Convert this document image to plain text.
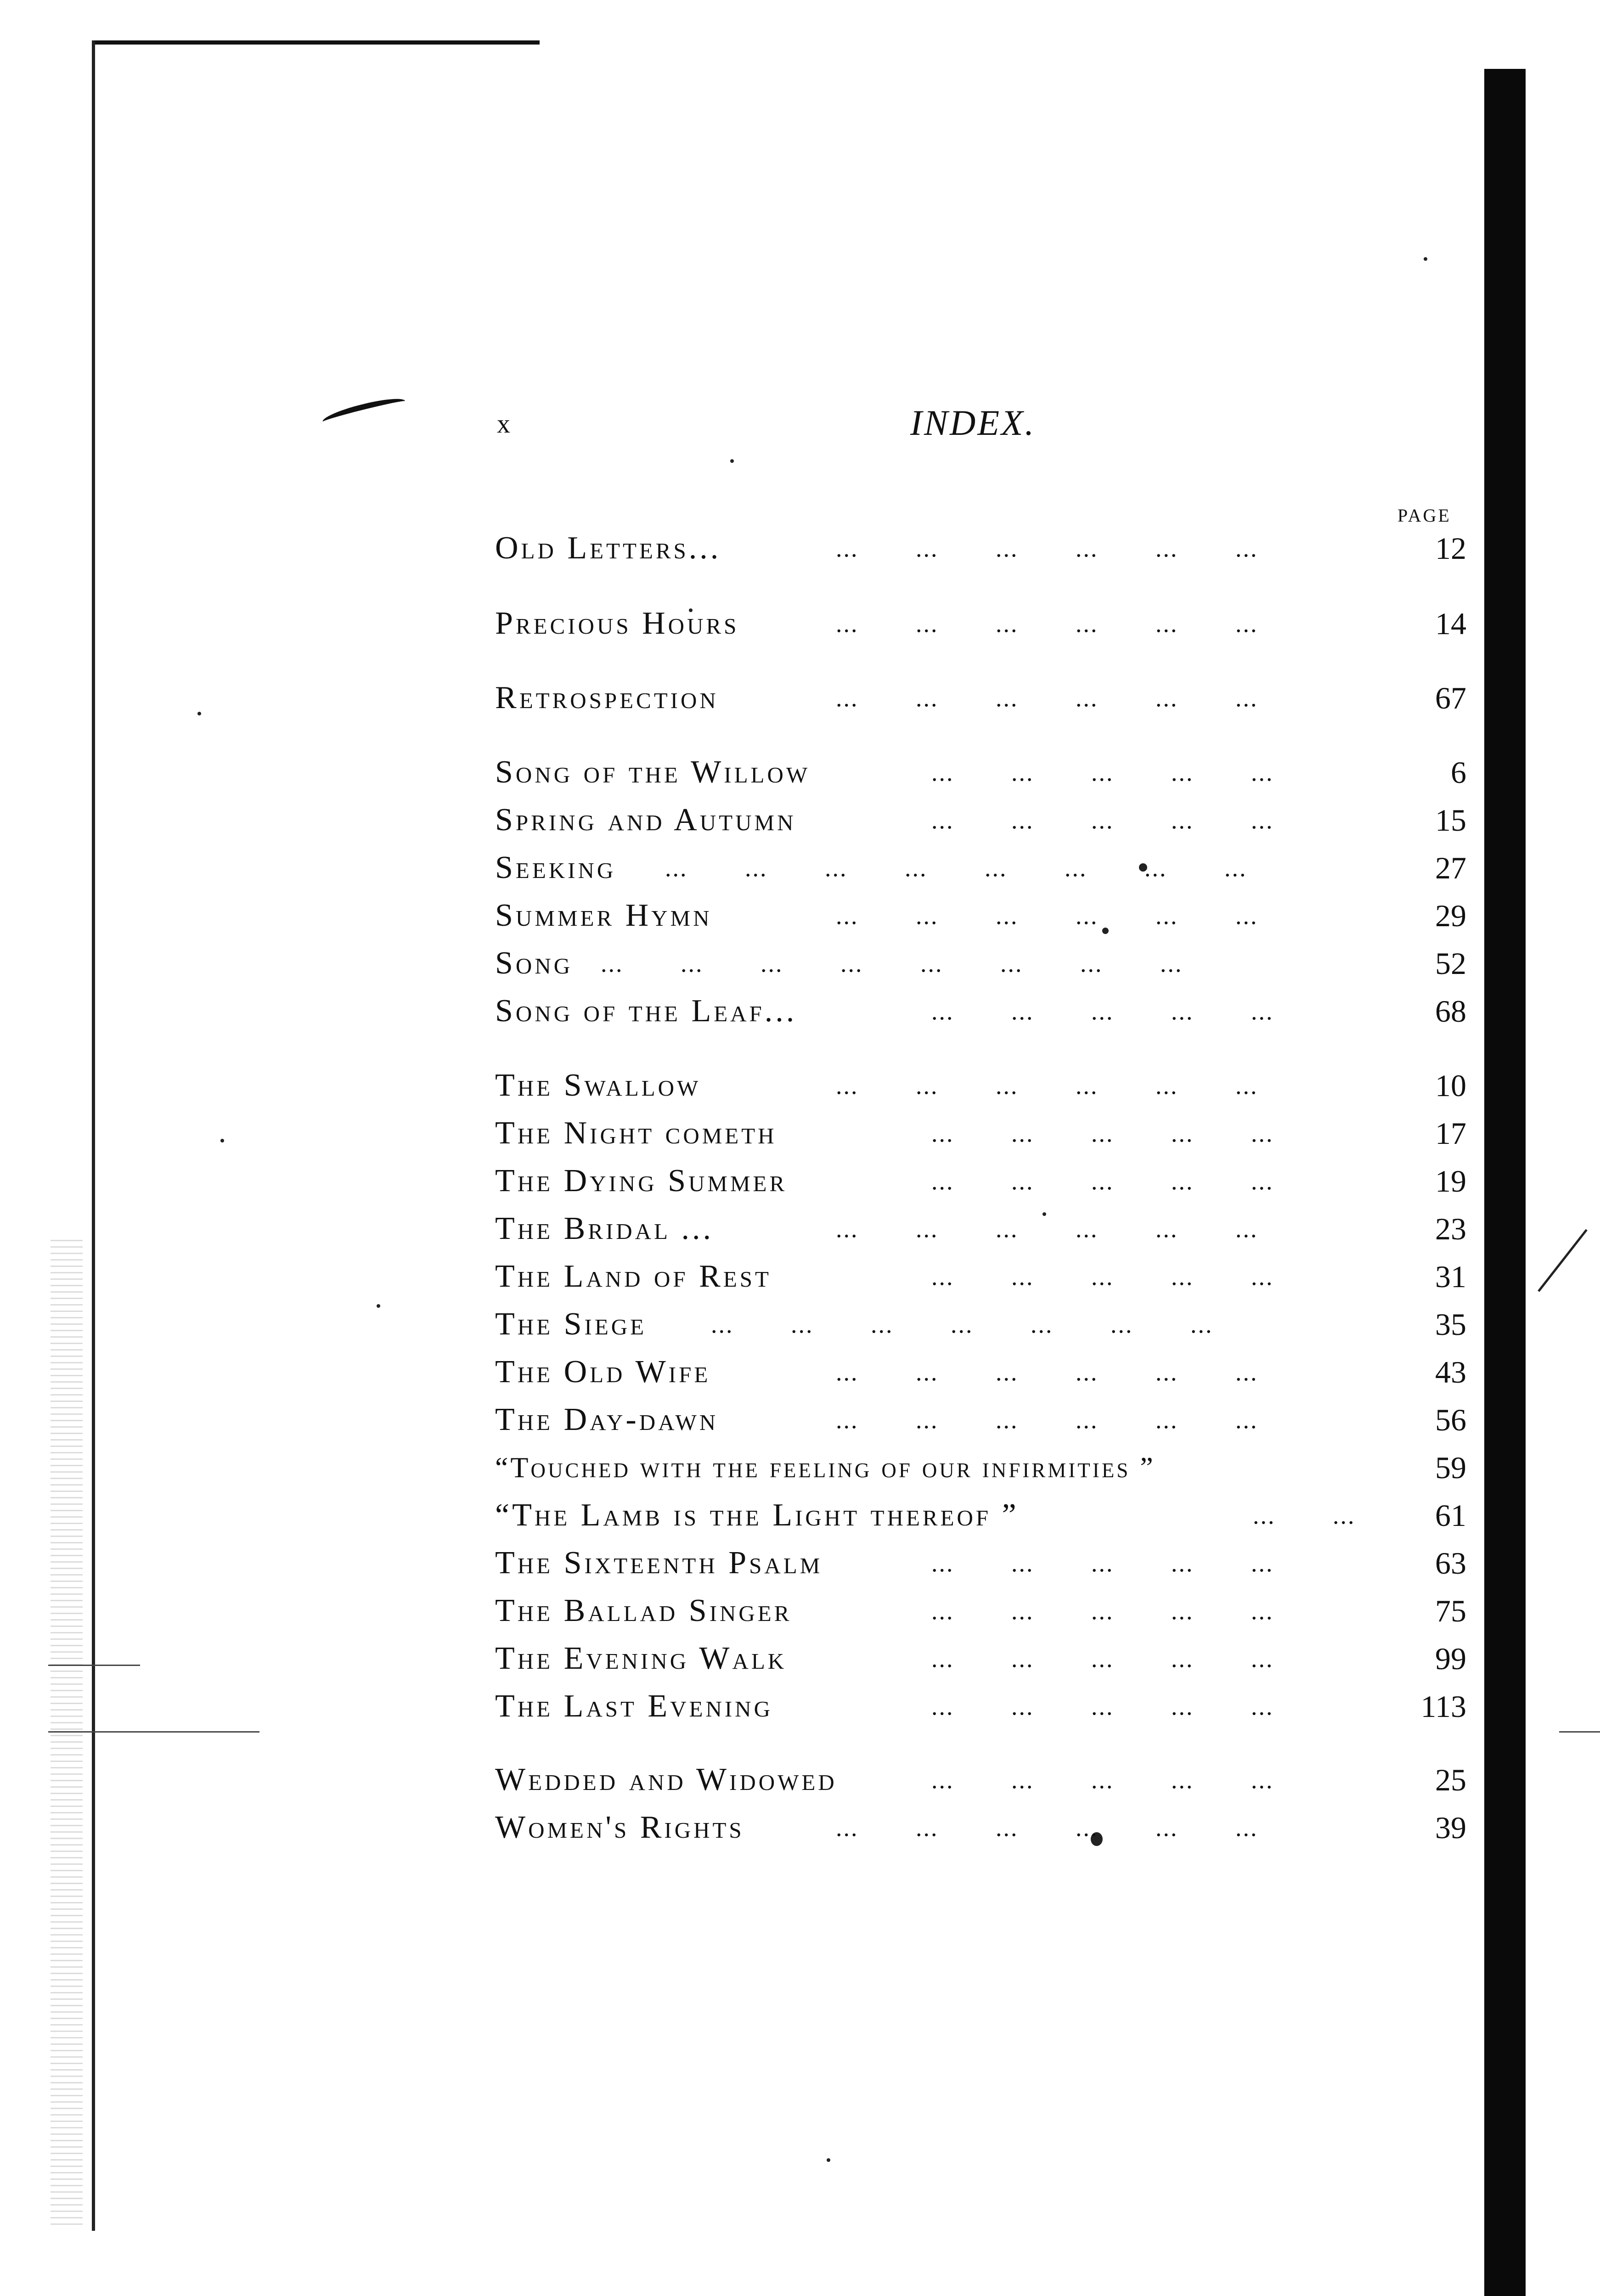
x	INDEX.
PAGE
Old Letters...	... ... ... ... ... ...	12
Precious Hours	... ... ... ... ... ...	14
Retrospection	... ... ... ... ... ...	67
Song of the Willow	... ... ... ... ...	6
Spring and Autumn	... ... ... ... ...	15
Seeking ... ... ... ... ... ... ... ...	27
Summer Hymn	... ... ... ... ... ...	29
Song ... ... ... ... ... ... ... ...	52
Song of the Leaf...	... ... ... ... ...	68
The Swallow	... ... ... ... ... ...	10
The Night cometh	... ... ... ... ...	17
The Dying Summer	... ... ... ... ...	19
The Bridal ...	... ... ... ... ... ...	23
The Land of Rest	... ... ... ... ...	31
The Siege	... ... ... ... ... ... ...	35
The Old Wife	... ... ... ... ... ...	43
The Day-dawn	... ... ... ... ... ...	56
“Touched with the feeling of our infirmities ”	59
“The Lamb is the Light thereof ”	... ...	61
The Sixteenth Psalm	... ... ... ... ...	63
The Ballad Singer	... ... ... ... ...	75
The Evening Walk	... ... ... ... ...	99
The Last Evening	... ... ... ... ...	113
Wedded and Widowed	... ... ... ... ...	25
Women's Rights	... ... ... ... ... ...	39
